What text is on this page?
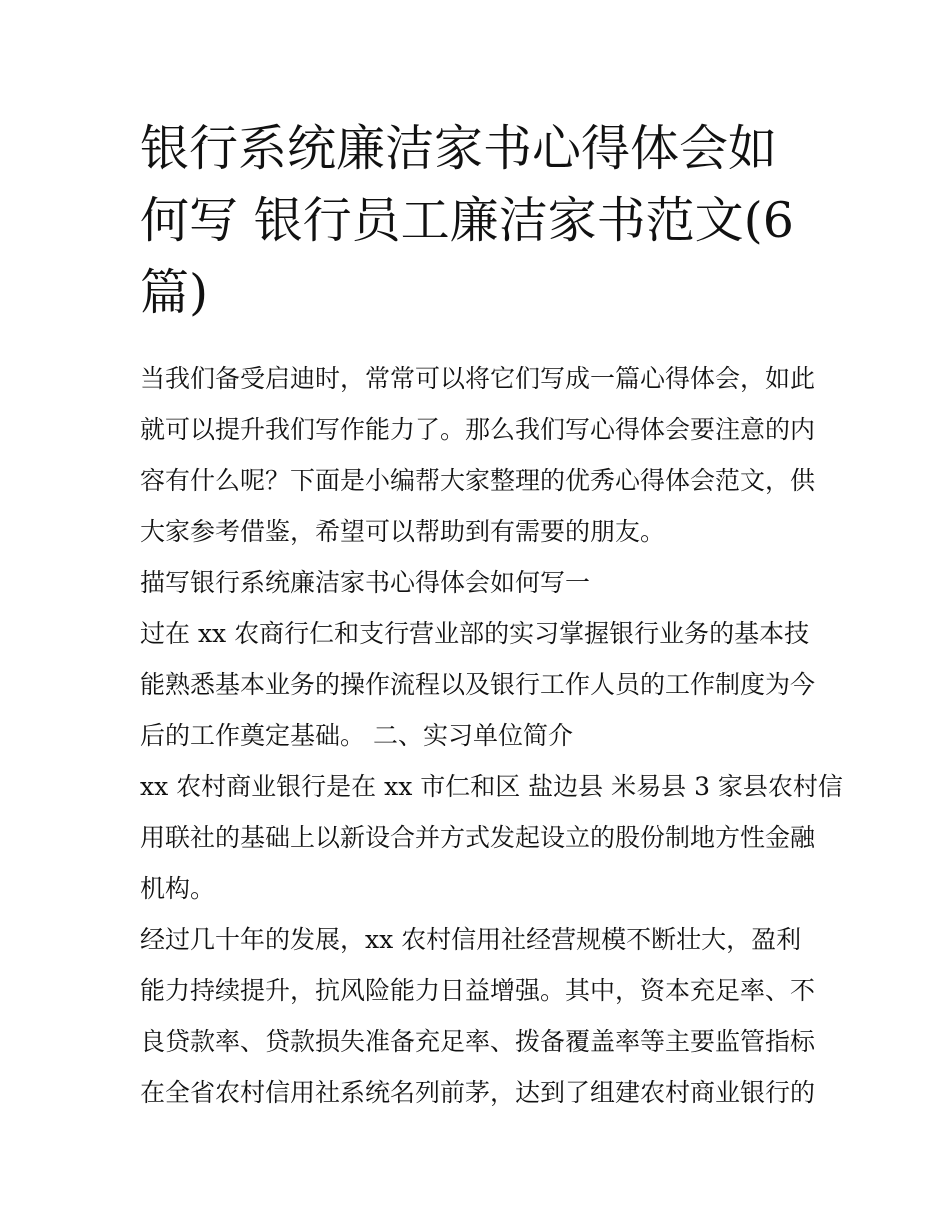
银行系统廉洁家书心得体会如
何写 银行员工廉洁家书范文(6
篇)
当我们备受启迪时，常常可以将它们写成一篇心得体会，如此
就可以提升我们写作能力了。那么我们写心得体会要注意的内
容有什么呢？下面是小编帮大家整理的优秀心得体会范文，供
大家参考借鉴，希望可以帮助到有需要的朋友。
描写银行系统廉洁家书心得体会如何写一
过在 xx 农商行仁和支行营业部的实习掌握银行业务的基本技
能熟悉基本业务的操作流程以及银行工作人员的工作制度为今
后的工作奠定基础。 二、实习单位简介
xx 农村商业银行是在 xx 市仁和区 盐边县 米易县 3 家县农村信
用联社的基础上以新设合并方式发起设立的股份制地方性金融
机构。
经过几十年的发展，xx 农村信用社经营规模不断壮大，盈利
能力持续提升，抗风险能力日益增强。其中，资本充足率、不
良贷款率、贷款损失准备充足率、拨备覆盖率等主要监管指标
在全省农村信用社系统名列前茅，达到了组建农村商业银行的
